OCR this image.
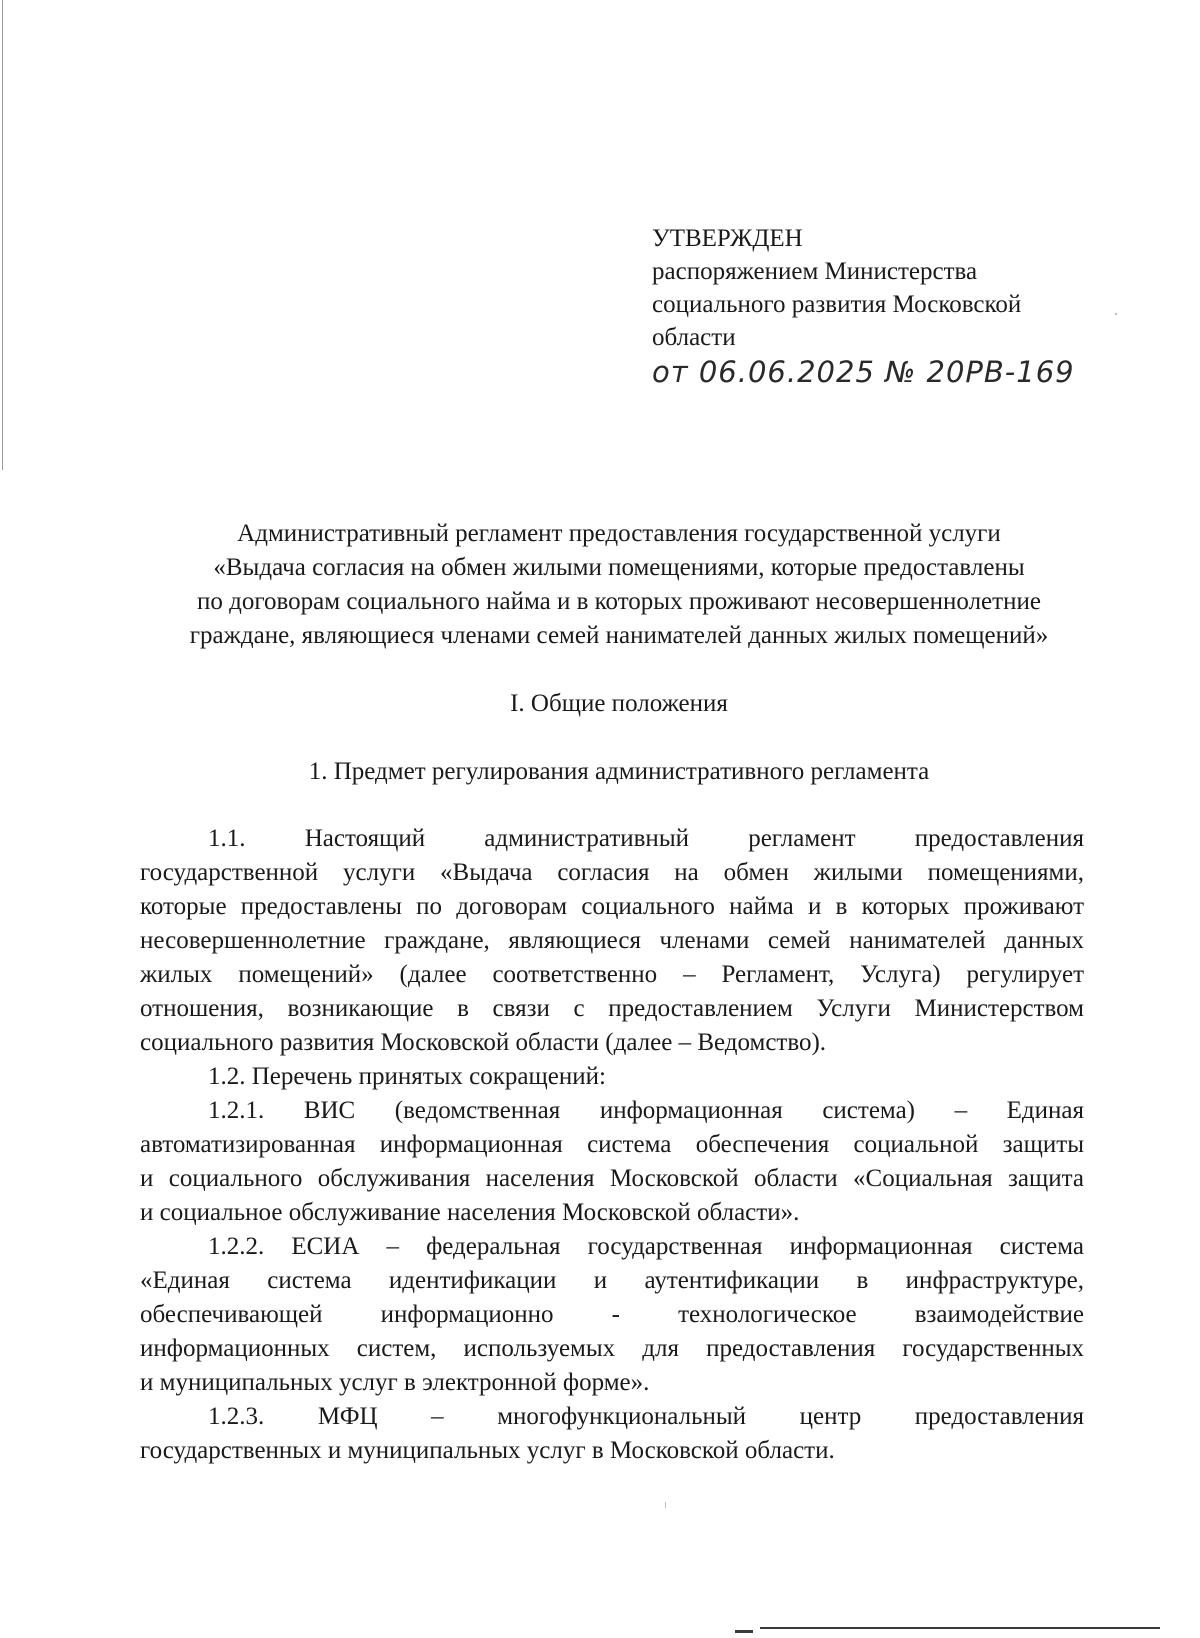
УТВЕРЖДЕН
распоряжением Министерства
социального развития Московской
области
от 06.06.2025 № 20РВ-169
Административный регламент предоставления государственной услуги
«Выдача согласия на обмен жилыми помещениями, которые предоставлены
по договорам социального найма и в которых проживают несовершеннолетние
граждане, являющиеся членами семей нанимателей данных жилых помещений»
I. Общие положения
1. Предмет регулирования административного регламента
1.1. Настоящий административный регламент предоставления
государственной услуги «Выдача согласия на обмен жилыми помещениями,
которые предоставлены по договорам социального найма и в которых проживают
несовершеннолетние граждане, являющиеся членами семей нанимателей данных
жилых помещений» (далее соответственно – Регламент, Услуга) регулирует
отношения, возникающие в связи с предоставлением Услуги Министерством
социального развития Московской области (далее – Ведомство).
1.2. Перечень принятых сокращений:
1.2.1. ВИС (ведомственная информационная система) – Единая
автоматизированная информационная система обеспечения социальной защиты
и социального обслуживания населения Московской области «Социальная защита
и социальное обслуживание населения Московской области».
1.2.2. ЕСИА – федеральная государственная информационная система
«Единая система идентификации и аутентификации в инфраструктуре,
обеспечивающей информационно - технологическое взаимодействие
информационных систем, используемых для предоставления государственных
и муниципальных услуг в электронной форме».
1.2.3. МФЦ – многофункциональный центр предоставления
государственных и муниципальных услуг в Московской области.
